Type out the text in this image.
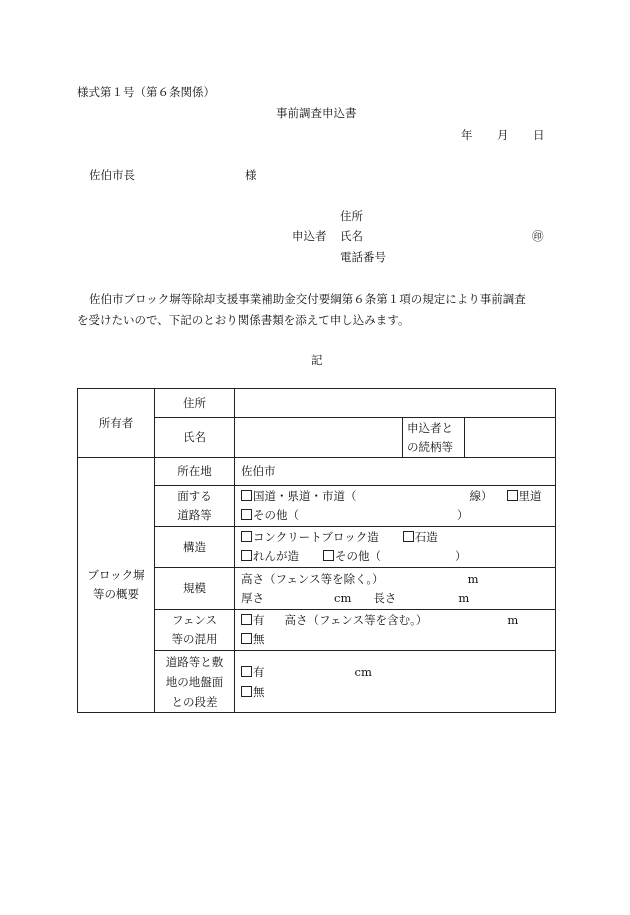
様式第１号（第６条関係）
事前調査申込書
年 月 日
佐伯市長	様
住所
申込者 氏名	㊞
電話番号
佐伯市ブロック塀等除却支援事業補助金交付要綱第６条第１項の規定により事前調査
を受けたいので、下記のとおり関係書類を添えて申し込みます。
記
所有者	住所			
	氏名		申込者と
の続柄等	
ブロック塀
等の概要	所在地	佐伯市		
	面する
道路等	国道・県道・市道（ 線） 里道
その他（ ）		
	構造	コンクリートブロック造 石造
れんが造 その他（ ）		
	規模	高さ（フェンス等を除く。） m
厚さ cm 長さ m		
	フェンス
等の混用	有 高さ（フェンス等を含む。） m
無		
	道路等と敷
地の地盤面
との段差	有 cm
無		
